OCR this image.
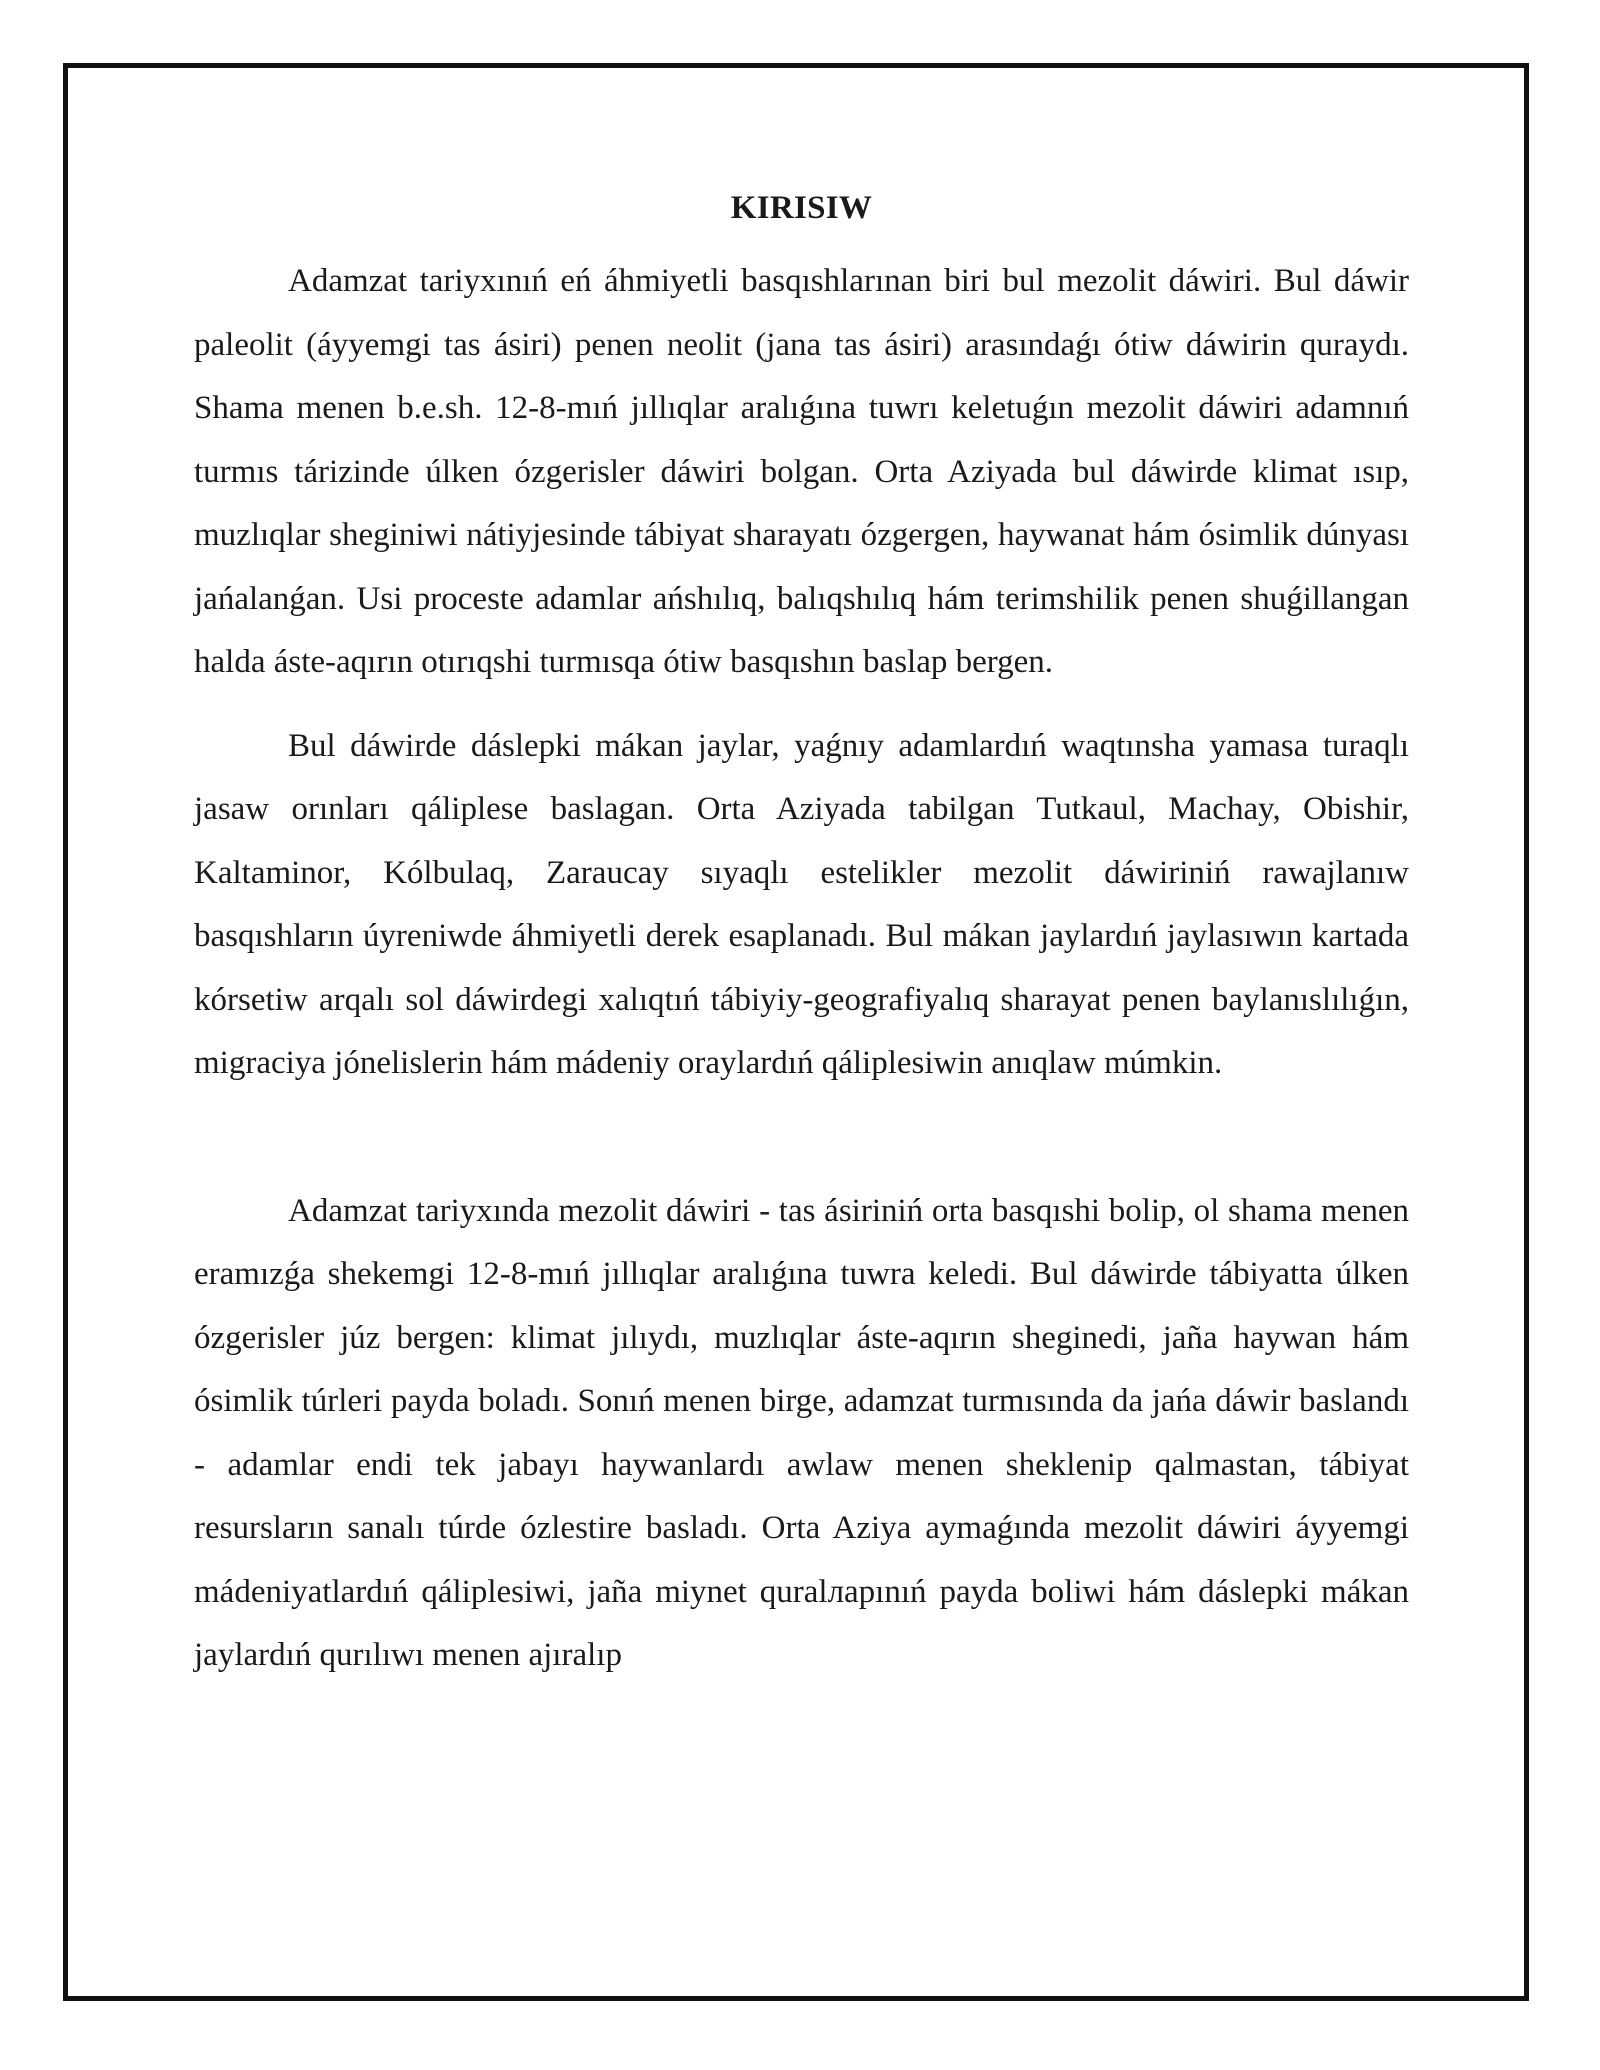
KIRISIW

Adamzat tariyxınıń eń áhmiyetli basqıshlarınan biri bul mezolit dáwiri. Bul dáwir paleolit (áyyemgi tas ásiri) penen neolit (jana tas ásiri) arasındaǵı ótiw dáwirin quraydı. Shama menen b.e.sh. 12-8-mıń jıllıqlar aralıǵına tuwrı keletuǵın mezolit dáwiri adamnıń turmıs tárizinde úlken ózgerisler dáwiri bolgan. Orta Aziyada bul dáwirde klimat ısıp, muzlıqlar sheginiwi nátiyjesinde tábiyat sharayatı ózgergen, haywanat hám ósimlik dúnyası jańalanǵan. Usi proceste adamlar ańshılıq, balıqshılıq hám terimshilik penen shuǵillangan halda áste-aqırın otırıqshi turmısqa ótiw basqıshın baslap bergen.

Bul dáwirde dáslepki mákan jaylar, yaǵnıy adamlardıń waqtınsha yamasa turaqlı jasaw orınları qáliplese baslagan. Orta Aziyada tabilgan Tutkaul, Machay, Obishir, Kaltaminor, Kólbulaq, Zaraucay sıyaqlı estelikler mezolit dáwiriniń rawajlanıw basqıshların úyreniwde áhmiyetli derek esaplanadı. Bul mákan jaylardıń jaylasıwın kartada kórsetiw arqalı sol dáwirdegi xalıqtıń tábiyiy-geografiyalıq sharayat penen baylanıslılıǵın, migraciya jónelislerin hám mádeniy oraylardıń qáliplesiwin anıqlaw múmkin.

Adamzat tariyxında mezolit dáwiri - tas ásiriniń orta basqıshi bolip, ol shama menen eramızǵa shekemgi 12-8-mıń jıllıqlar aralıǵına tuwra keledi. Bul dáwirde tábiyatta úlken ózgerisler júz bergen: klimat jılıydı, muzlıqlar áste-aqırın sheginedi, jaña haywan hám ósimlik túrleri payda boladı. Sonıń menen birge, adamzat turmısında da jańa dáwir baslandı - adamlar endi tek jabayı haywanlardı awlaw menen sheklenip qalmastan, tábiyat resursların sanalı túrde ózlestire basladı. Orta Aziya aymaǵında mezolit dáwiri áyyemgi mádeniyatlardıń qáliplesiwi, jaña miynet quralларınıń payda boliwi hám dáslepki mákan jaylardıń qurılıwı menen ajıralıp
